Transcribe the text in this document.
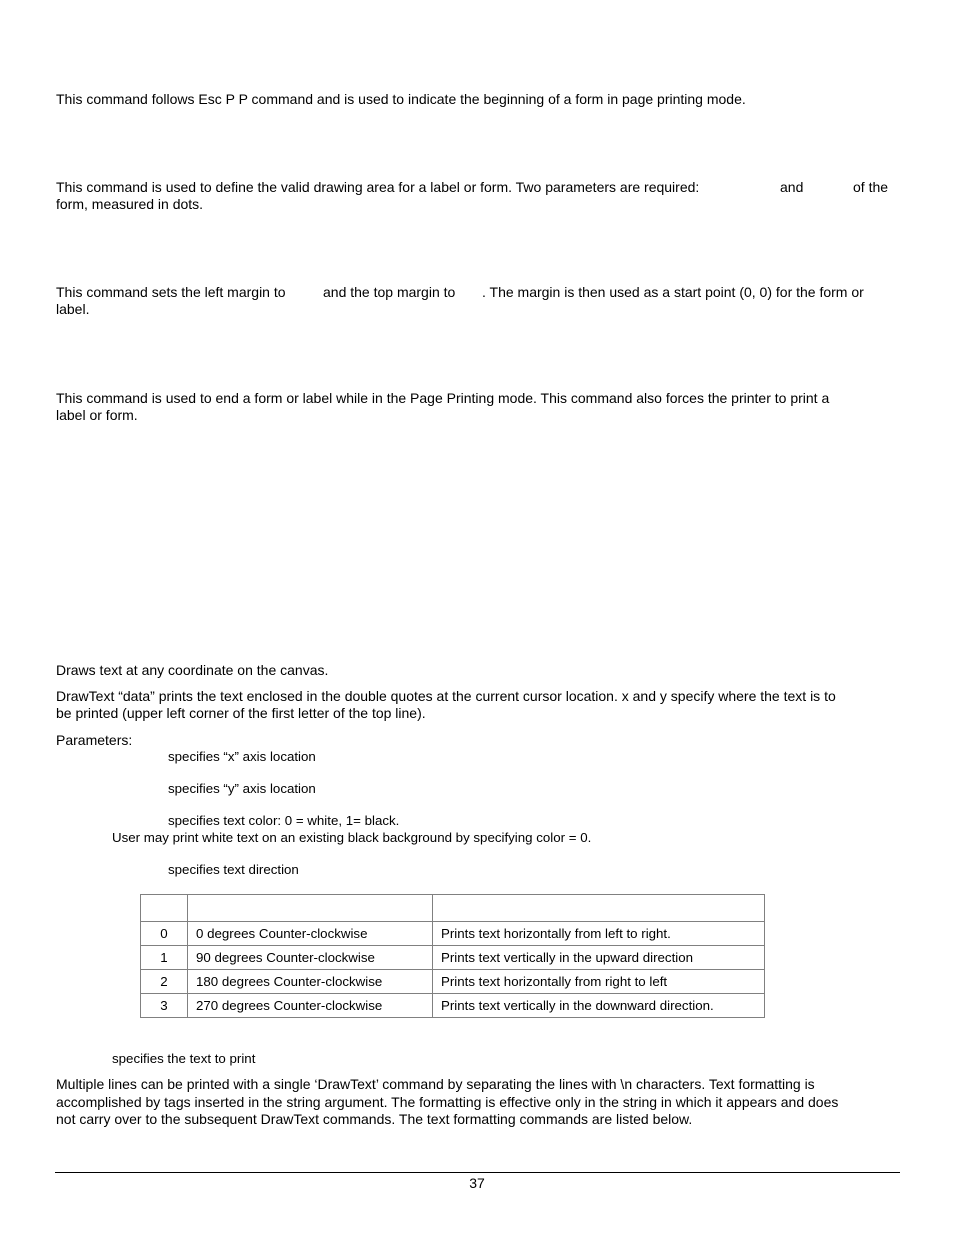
This command follows Esc P P command and is used to indicate the beginning of a form in page printing mode.

This command is used to define the valid drawing area for a label or form. Two parameters are required:	and	of the

form, measured in dots.

This command sets the left margin to	and the top margin to . The margin is then used as a start point (0, 0) for the form or

label.

This command is used to end a form or label while in the Page Printing mode. This command also forces the printer to print a

label or form.

Draws text at any coordinate on the canvas.

DrawText “data” prints the text enclosed in the double quotes at the current cursor location. x and y specify where the text is to

be printed (upper left corner of the first letter of the top line).

Parameters:

specifies “x” axis location

specifies “y” axis location

specifies text color: 0 = white, 1= black.

User may print white text on an existing black background by specifying color = 0.

specifies text direction

0	0 degrees Counter-clockwise	Prints text horizontally from left to right.
1	90 degrees Counter-clockwise	Prints text vertically in the upward direction
2	180 degrees Counter-clockwise	Prints text horizontally from right to left
3	270 degrees Counter-clockwise	Prints text vertically in the downward direction.

specifies the text to print

Multiple lines can be printed with a single ‘DrawText’ command by separating the lines with \n characters. Text formatting is

accomplished by tags inserted in the string argument. The formatting is effective only in the string in which it appears and does

not carry over to the subsequent DrawText commands. The text formatting commands are listed below.

37
